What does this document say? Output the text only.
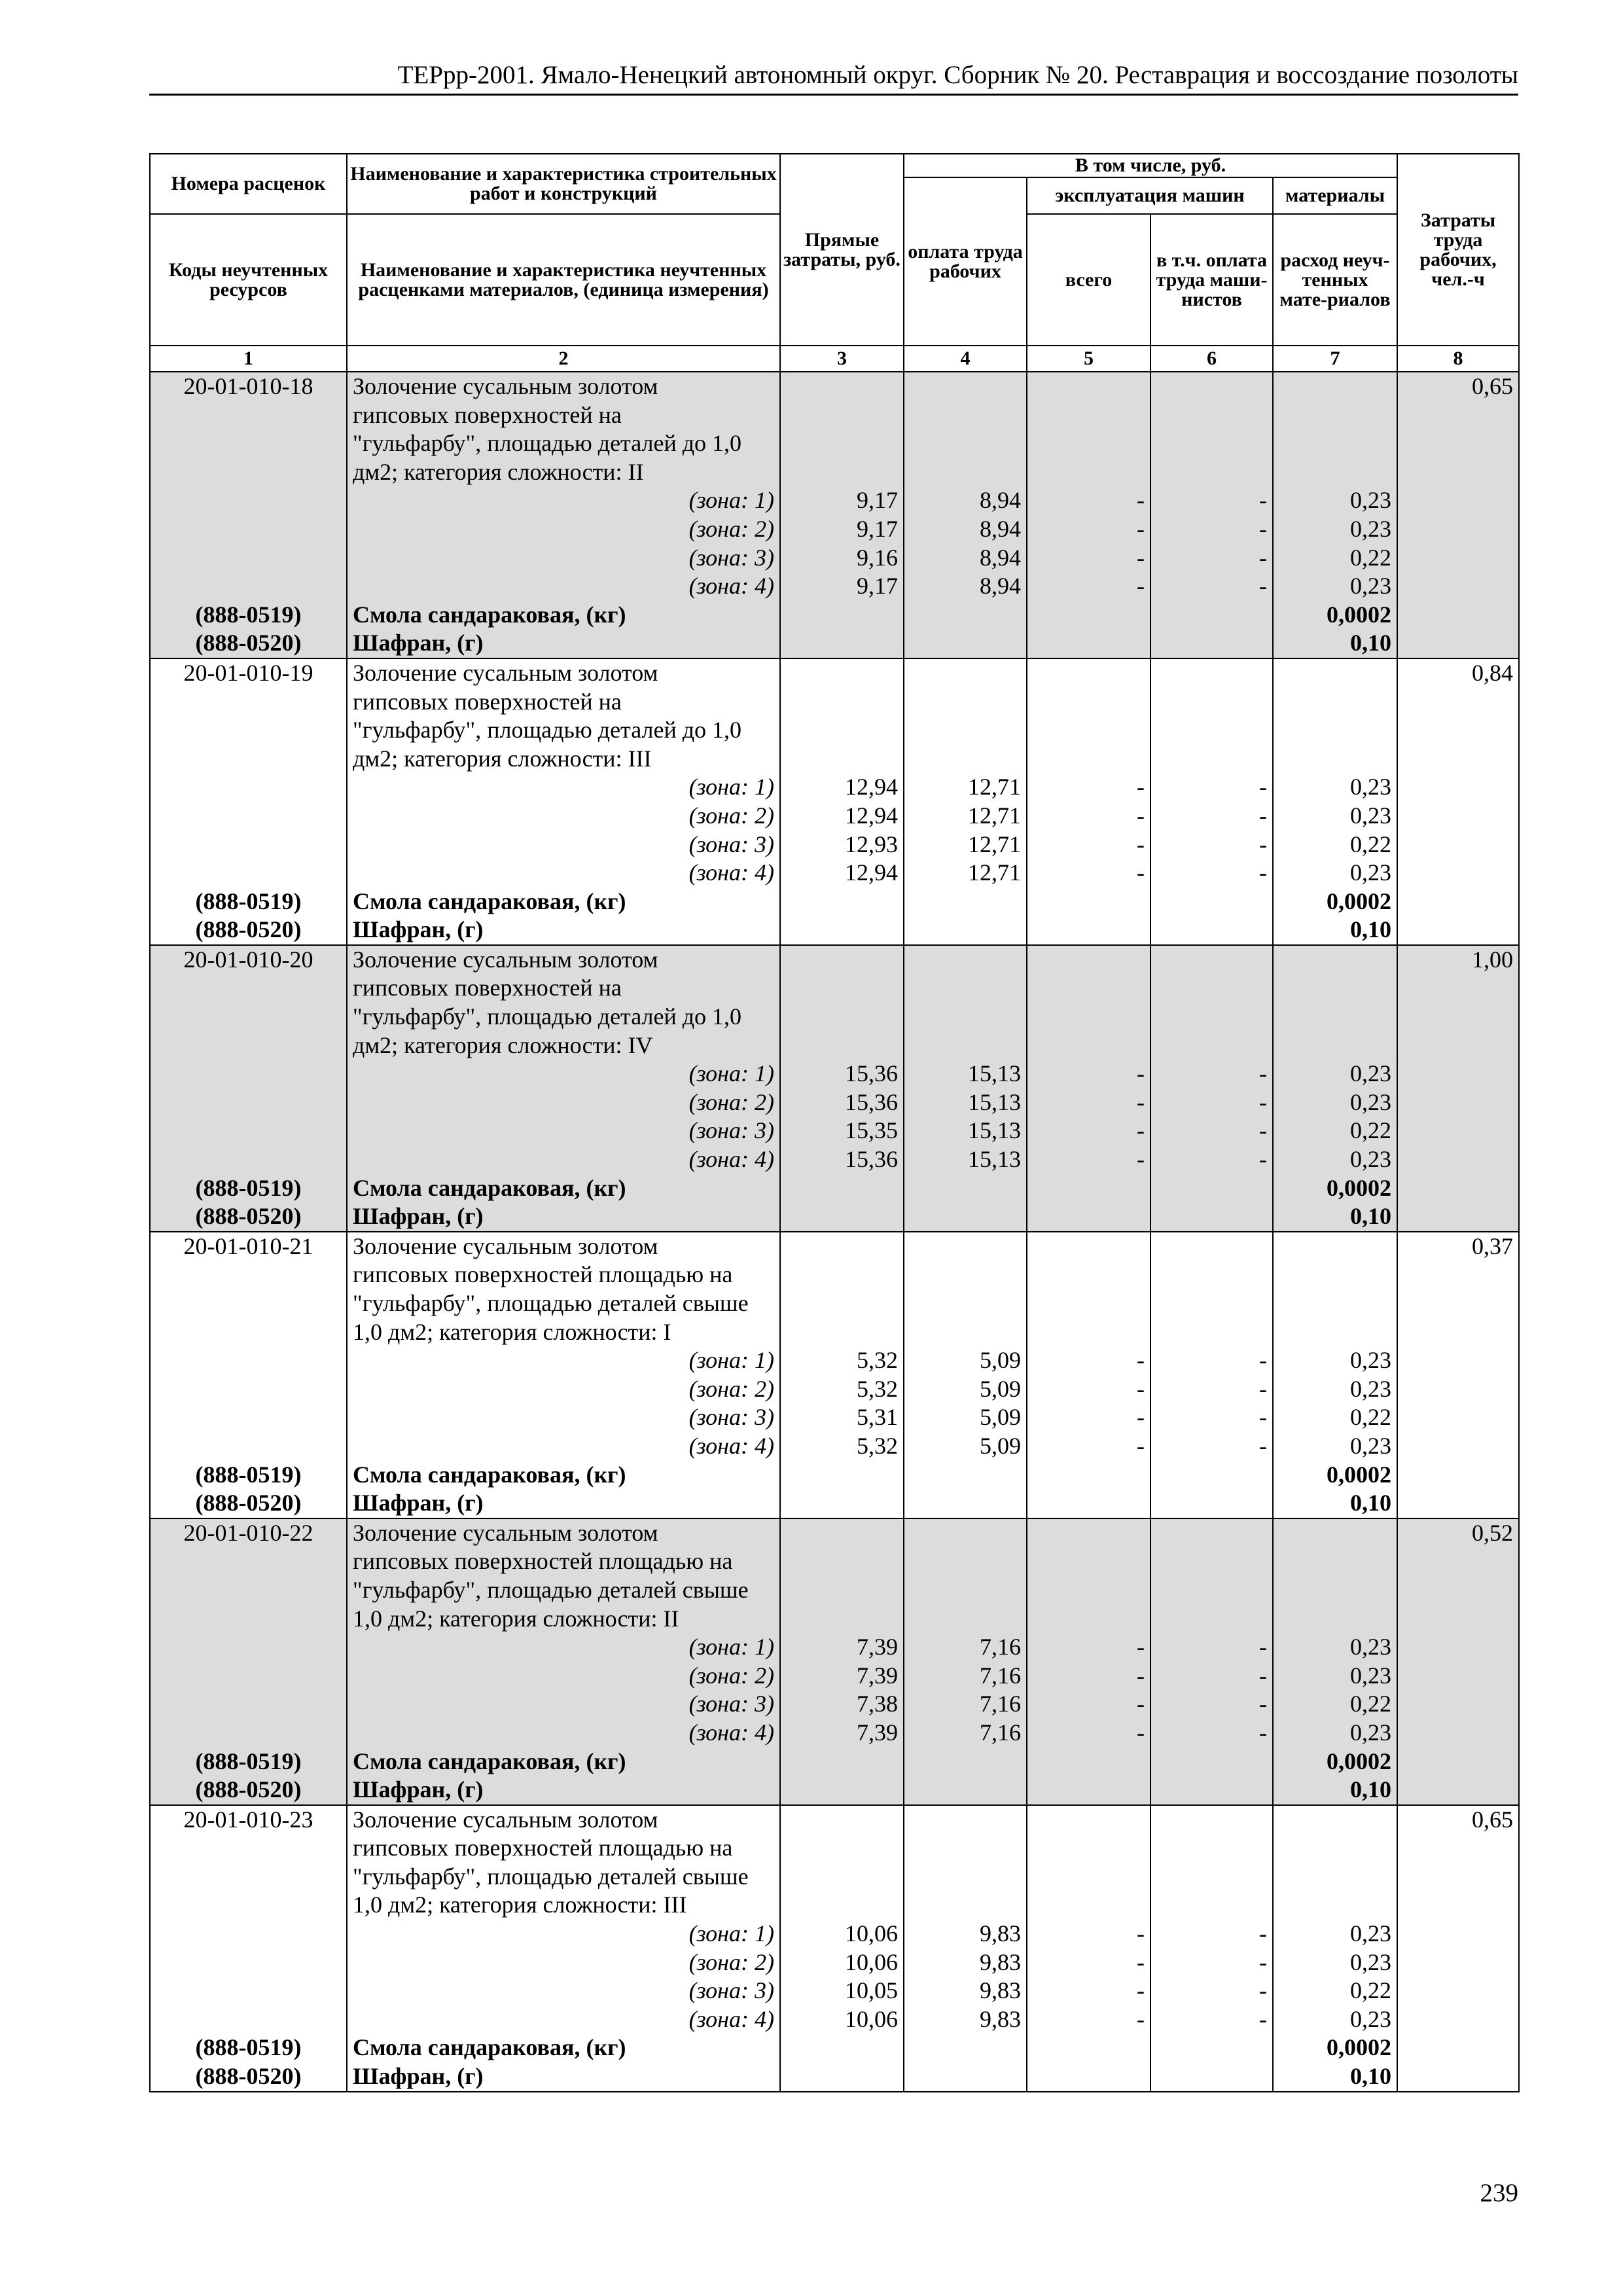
ТЕРрр-2001. Ямало-Ненецкий автономный округ. Сборник № 20. Реставрация и воссоздание позолоты
Номера расценок	Наименование и характеристика строительных работ и конструкций	Прямые затраты, руб.	В том числе, руб.				Затраты труда рабочих, чел.-ч
			оплата труда рабочих	эксплуатация машин		материалы	
Коды неучтенных ресурсов	Наименование и характеристика неучтенных расценками материалов, (единица измерения)			всего	в т.ч. оплата труда маши-нистов	расход неуч-тенных мате-риалов	

1	2	3	4	5	6	7	8
20-01-010-18	Золочение сусальным золотом						0,65
	гипсовых поверхностей на						
	"гульфарбу", площадью деталей до 1,0						
	дм2; категория сложности: II						
	(зона: 1)	9,17	8,94	-	-	0,23	
	(зона: 2)	9,17	8,94	-	-	0,23	
	(зона: 3)	9,16	8,94	-	-	0,22	
	(зона: 4)	9,17	8,94	-	-	0,23	
(888-0519)	Смола сандараковая, (кг)					0,0002	
(888-0520)	Шафран, (г)					0,10	
20-01-010-19	Золочение сусальным золотом						0,84
	гипсовых поверхностей на						
	"гульфарбу", площадью деталей до 1,0						
	дм2; категория сложности: III						
	(зона: 1)	12,94	12,71	-	-	0,23	
	(зона: 2)	12,94	12,71	-	-	0,23	
	(зона: 3)	12,93	12,71	-	-	0,22	
	(зона: 4)	12,94	12,71	-	-	0,23	
(888-0519)	Смола сандараковая, (кг)					0,0002	
(888-0520)	Шафран, (г)					0,10	
20-01-010-20	Золочение сусальным золотом						1,00
	гипсовых поверхностей на						
	"гульфарбу", площадью деталей до 1,0						
	дм2; категория сложности: IV						
	(зона: 1)	15,36	15,13	-	-	0,23	
	(зона: 2)	15,36	15,13	-	-	0,23	
	(зона: 3)	15,35	15,13	-	-	0,22	
	(зона: 4)	15,36	15,13	-	-	0,23	
(888-0519)	Смола сандараковая, (кг)					0,0002	
(888-0520)	Шафран, (г)					0,10	
20-01-010-21	Золочение сусальным золотом						0,37
	гипсовых поверхностей площадью на						
	"гульфарбу", площадью деталей свыше						
	1,0 дм2; категория сложности: I						
	(зона: 1)	5,32	5,09	-	-	0,23	
	(зона: 2)	5,32	5,09	-	-	0,23	
	(зона: 3)	5,31	5,09	-	-	0,22	
	(зона: 4)	5,32	5,09	-	-	0,23	
(888-0519)	Смола сандараковая, (кг)					0,0002	
(888-0520)	Шафран, (г)					0,10	
20-01-010-22	Золочение сусальным золотом						0,52
	гипсовых поверхностей площадью на						
	"гульфарбу", площадью деталей свыше						
	1,0 дм2; категория сложности: II						
	(зона: 1)	7,39	7,16	-	-	0,23	
	(зона: 2)	7,39	7,16	-	-	0,23	
	(зона: 3)	7,38	7,16	-	-	0,22	
	(зона: 4)	7,39	7,16	-	-	0,23	
(888-0519)	Смола сандараковая, (кг)					0,0002	
(888-0520)	Шафран, (г)					0,10	
20-01-010-23	Золочение сусальным золотом						0,65
	гипсовых поверхностей площадью на						
	"гульфарбу", площадью деталей свыше						
	1,0 дм2; категория сложности: III						
	(зона: 1)	10,06	9,83	-	-	0,23	
	(зона: 2)	10,06	9,83	-	-	0,23	
	(зона: 3)	10,05	9,83	-	-	0,22	
	(зона: 4)	10,06	9,83	-	-	0,23	
(888-0519)	Смола сандараковая, (кг)					0,0002	
(888-0520)	Шафран, (г)					0,10	
239
